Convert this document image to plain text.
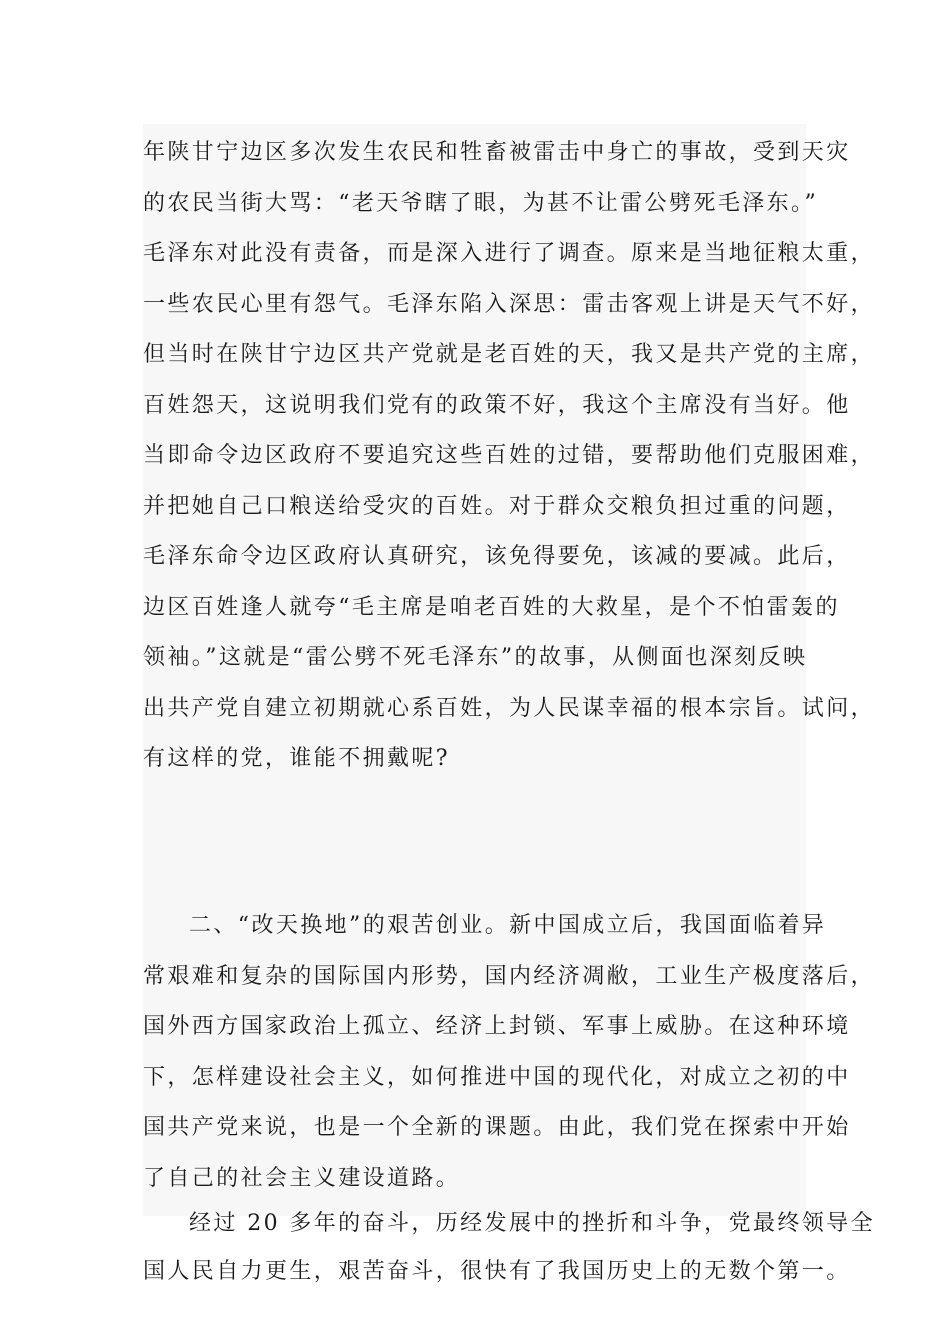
年陕甘宁边区多次发生农民和牲畜被雷击中身亡的事故，受到天灾
的农民当街大骂：“老天爷瞎了眼，为甚不让雷公劈死毛泽东。”
毛泽东对此没有责备，而是深入进行了调查。原来是当地征粮太重，
一些农民心里有怨气。毛泽东陷入深思：雷击客观上讲是天气不好，
但当时在陕甘宁边区共产党就是老百姓的天，我又是共产党的主席，
百姓怨天，这说明我们党有的政策不好，我这个主席没有当好。他
当即命令边区政府不要追究这些百姓的过错，要帮助他们克服困难，
并把她自己口粮送给受灾的百姓。对于群众交粮负担过重的问题，
毛泽东命令边区政府认真研究，该免得要免，该减的要减。此后，
边区百姓逢人就夸“毛主席是咱老百姓的大救星，是个不怕雷轰的
领袖。”这就是“雷公劈不死毛泽东”的故事，从侧面也深刻反映
出共产党自建立初期就心系百姓，为人民谋幸福的根本宗旨。试问，
有这样的党，谁能不拥戴呢?
二、“改天换地”的艰苦创业。新中国成立后，我国面临着异
常艰难和复杂的国际国内形势，国内经济凋敝，工业生产极度落后，
国外西方国家政治上孤立、经济上封锁、军事上威胁。在这种环境
下，怎样建设社会主义，如何推进中国的现代化，对成立之初的中
国共产党来说，也是一个全新的课题。由此，我们党在探索中开始
了自己的社会主义建设道路。
经过 20 多年的奋斗，历经发展中的挫折和斗争，党最终领导全
国人民自力更生，艰苦奋斗，很快有了我国历史上的无数个第一。
